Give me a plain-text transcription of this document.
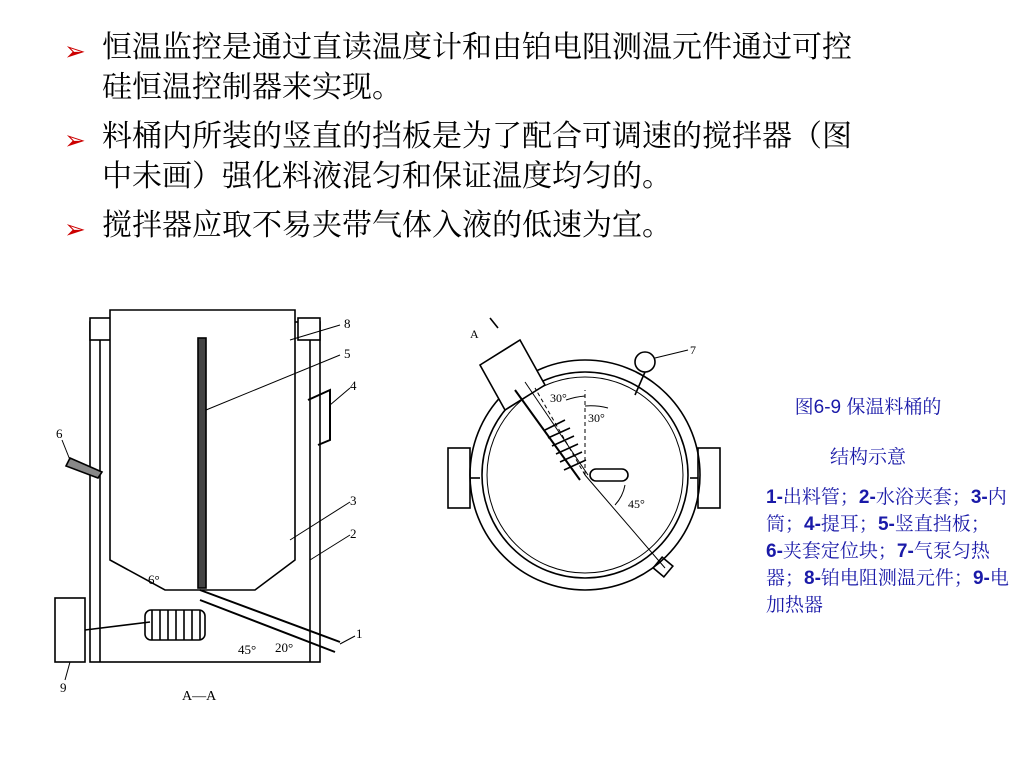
➢ 恒温监控是通过直读温度计和由铂电阻测温元件通过可控
硅恒温控制器来实现。
➢ 料桶内所装的竖直的挡板是为了配合可调速的搅拌器（图
中未画）强化料液混匀和保证温度均匀的。
➢ 搅拌器应取不易夹带气体入液的低速为宜。
8
5
4
3
2
1
6
9
6°
45° 20°
A—A
A
7
30°
30°
45°
图6-9 保温料桶的
结构示意
1-出料管；2-水浴夹套；3-内筒；4-提耳；5-竖直挡板； 6-夹套定位块；7-气泵匀热器；8-铂电阻测温元件；9-电加热器
